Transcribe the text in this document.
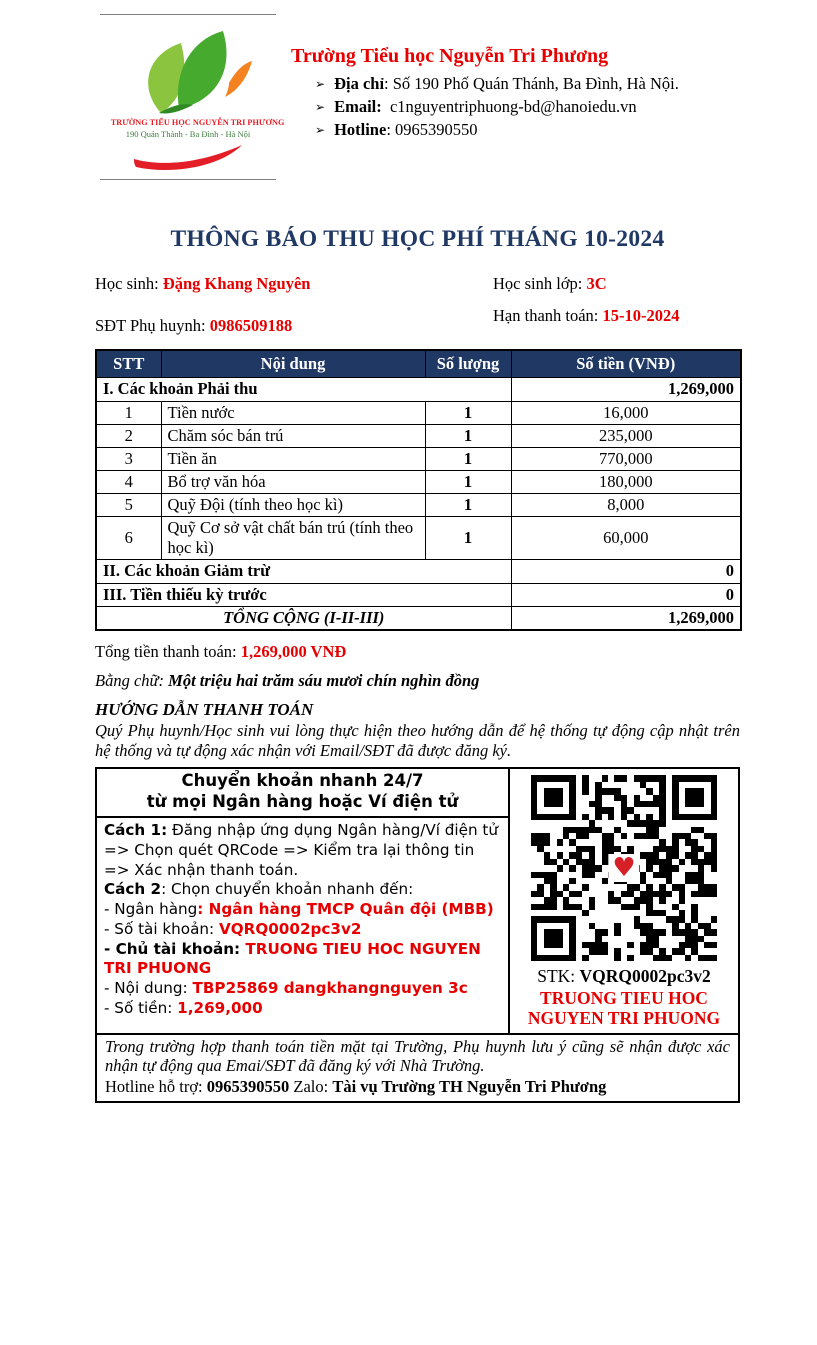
TRƯỜNG TIỂU HỌC NGUYỄN TRI PHƯƠNG
190 Quán Thánh - Ba Đình - Hà Nội
Trường Tiểu học Nguyễn Tri Phương
➢ Địa chỉ: Số 190 Phố Quán Thánh, Ba Đình, Hà Nội.
➢ Email:  c1nguyentriphuong-bd@hanoiedu.vn
➢ Hotline: 0965390550
THÔNG BÁO THU HỌC PHÍ THÁNG 10-2024
Học sinh: Đặng Khang Nguyên	Học sinh lớp: 3C
SĐT Phụ huynh: 0986509188
Hạn thanh toán: 15-10-2024
STT	Nội dung	Số lượng	Số tiền (VNĐ)
I. Các khoản Phải thu			1,269,000
1	Tiền nước	1	16,000
2	Chăm sóc bán trú	1	235,000
3	Tiền ăn	1	770,000
4	Bổ trợ văn hóa	1	180,000
5	Quỹ Đội (tính theo học kì)	1	8,000
6	Quỹ Cơ sở vật chất bán trú (tính theo học kì)	1	60,000
II. Các khoản Giảm trừ			0
III. Tiền thiếu kỳ trước			0
TỔNG CỘNG (I-II-III)			1,269,000
Tổng tiền thanh toán: 1,269,000 VNĐ
Bằng chữ: Một triệu hai trăm sáu mươi chín nghìn đồng
HƯỚNG DẪN THANH TOÁN
Quý Phụ huynh/Học sinh vui lòng thực hiện theo hướng dẫn để hệ thống tự động cập nhật trên hệ thống và tự động xác nhận với Email/SĐT đã được đăng ký.
Chuyển khoản nhanh 24/7
từ mọi Ngân hàng hoặc Ví điện tử
Cách 1: Đăng nhập ứng dụng Ngân hàng/Ví điện tử => Chọn quét QRCode => Kiểm tra lại thông tin => Xác nhận thanh toán.
Cách 2: Chọn chuyển khoản nhanh đến:
- Ngân hàng: Ngân hàng TMCP Quân đội (MBB)
- Số tài khoản: VQRQ0002pc3v2
- Chủ tài khoản: TRUONG TIEU HOC NGUYEN TRI PHUONG
- Nội dung: TBP25869 dangkhangnguyen 3c
- Số tiền: 1,269,000
♥
STK: VQRQ0002pc3v2
TRUONG TIEU HOC
NGUYEN TRI PHUONG
Trong trường hợp thanh toán tiền mặt tại Trường, Phụ huynh lưu ý cũng sẽ nhận được xác nhận tự động qua Emai/SĐT đã đăng ký với Nhà Trường.
Hotline hỗ trợ: 0965390550 Zalo: Tài vụ Trường TH Nguyễn Tri Phương
